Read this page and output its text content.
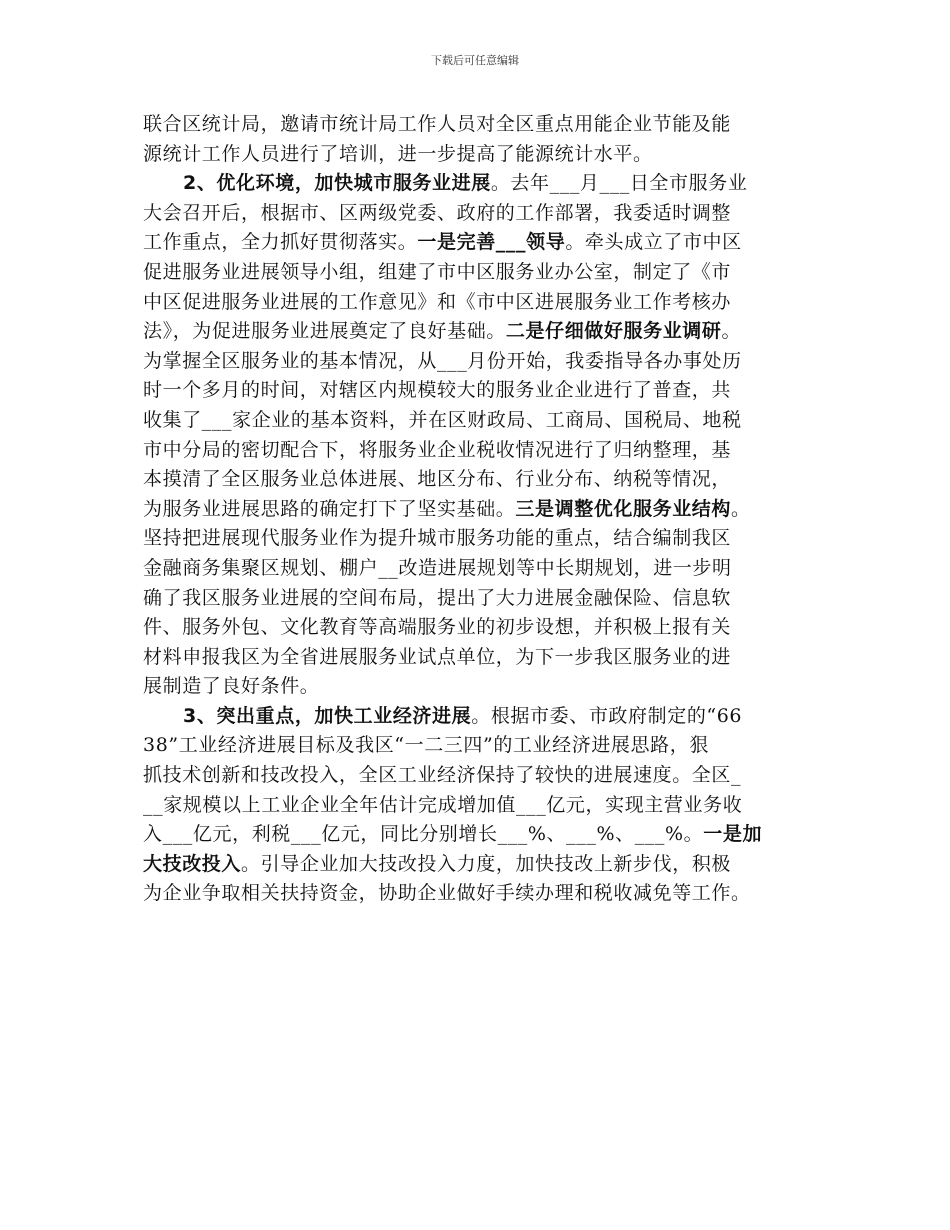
下载后可任意编辑
联合区统计局，邀请市统计局工作人员对全区重点用能企业节能及能
源统计工作人员进行了培训，进一步提高了能源统计水平。
2、优化环境，加快城市服务业进展。去年___月___日全市服务业
大会召开后，根据市、区两级党委、政府的工作部署，我委适时调整
工作重点，全力抓好贯彻落实。一是完善___领导。牵头成立了市中区
促进服务业进展领导小组，组建了市中区服务业办公室，制定了《市
中区促进服务业进展的工作意见》和《市中区进展服务业工作考核办
法》，为促进服务业进展奠定了良好基础。二是仔细做好服务业调研。
为掌握全区服务业的基本情况，从___月份开始，我委指导各办事处历
时一个多月的时间，对辖区内规模较大的服务业企业进行了普查，共
收集了___家企业的基本资料，并在区财政局、工商局、国税局、地税
市中分局的密切配合下，将服务业企业税收情况进行了归纳整理，基
本摸清了全区服务业总体进展、地区分布、行业分布、纳税等情况，
为服务业进展思路的确定打下了坚实基础。三是调整优化服务业结构。
坚持把进展现代服务业作为提升城市服务功能的重点，结合编制我区
金融商务集聚区规划、棚户__改造进展规划等中长期规划，进一步明
确了我区服务业进展的空间布局，提出了大力进展金融保险、信息软
件、服务外包、文化教育等高端服务业的初步设想，并积极上报有关
材料申报我区为全省进展服务业试点单位，为下一步我区服务业的进
展制造了良好条件。
3、突出重点，加快工业经济进展。根据市委、市政府制定的“66
38”工业经济进展目标及我区“一二三四”的工业经济进展思路，狠
抓技术创新和技改投入，全区工业经济保持了较快的进展速度。全区_
__家规模以上工业企业全年估计完成增加值___亿元，实现主营业务收
入___亿元，利税___亿元，同比分别增长___%、___%、___%。一是加
大技改投入。引导企业加大技改投入力度，加快技改上新步伐，积极
为企业争取相关扶持资金，协助企业做好手续办理和税收减免等工作。
